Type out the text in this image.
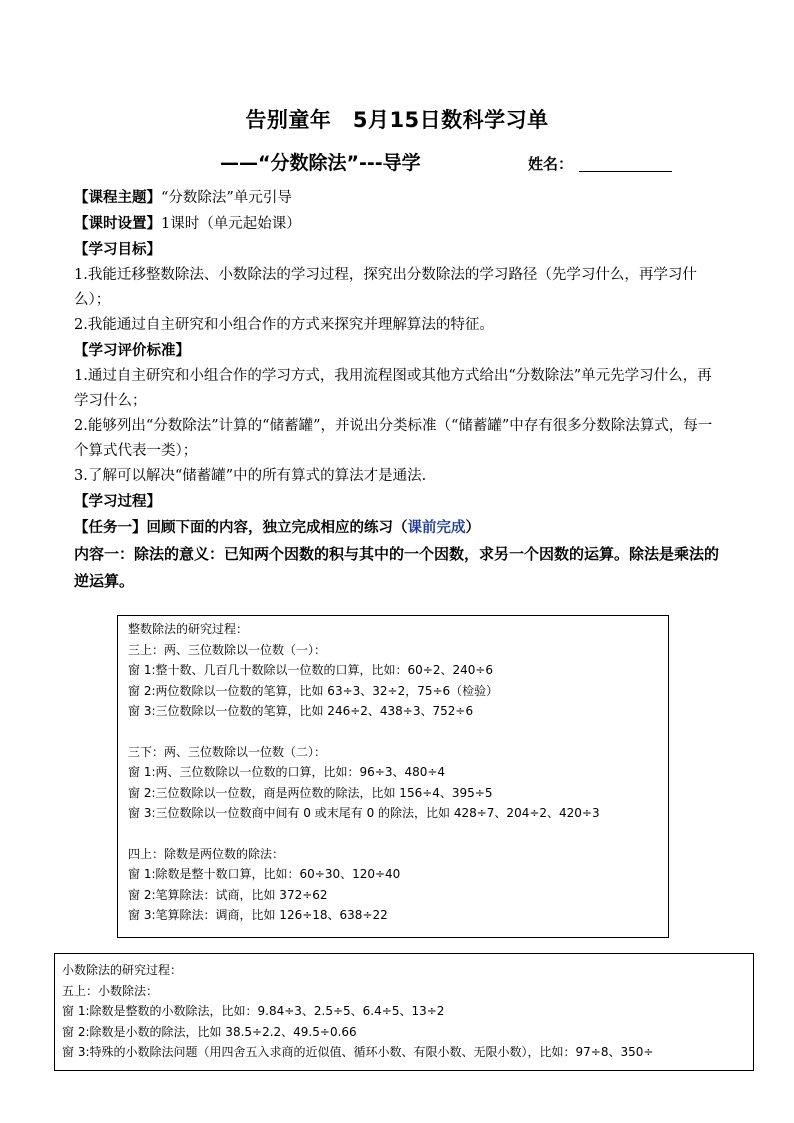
告别童年　5月15日数科学习单
——“分数除法”---导学	姓名：

【课程主题】“分数除法”单元引导

【课时设置】1课时（单元起始课）

【学习目标】

1.我能迁移整数除法、小数除法的学习过程，探究出分数除法的学习路径（先学习什么，再学习什么）；

2.我能通过自主研究和小组合作的方式来探究并理解算法的特征。

【学习评价标准】

1.通过自主研究和小组合作的学习方式，我用流程图或其他方式给出“分数除法”单元先学习什么，再学习什么；

2.能够列出“分数除法”计算的“储蓄罐”，并说出分类标准（“储蓄罐”中存有很多分数除法算式，每一个算式代表一类）；

3.了解可以解决“储蓄罐”中的所有算式的算法才是通法.

【学习过程】

【任务一】回顾下面的内容，独立完成相应的练习（课前完成）

内容一：除法的意义：已知两个因数的积与其中的一个因数，求另一个因数的运算。除法是乘法的逆运算。

整数除法的研究过程：

三上：两、三位数除以一位数（一）：

窗 1:整十数、几百几十数除以一位数的口算，比如：60÷2、240÷6

窗 2:两位数除以一位数的笔算，比如 63÷3、32÷2，75÷6（检验）

窗 3:三位数除以一位数的笔算，比如 246÷2、438÷3、752÷6

三下：两、三位数除以一位数（二）：

窗 1:两、三位数除以一位数的口算，比如：96÷3、480÷4

窗 2:三位数除以一位数，商是两位数的除法，比如 156÷4、395÷5

窗 3:三位数除以一位数商中间有 0 或末尾有 0 的除法，比如 428÷7、204÷2、420÷3

四上：除数是两位数的除法：

窗 1:除数是整十数口算，比如：60÷30、120÷40

窗 2:笔算除法：试商，比如 372÷62

窗 3:笔算除法：调商，比如 126÷18、638÷22

小数除法的研究过程：

五上：小数除法：

窗 1:除数是整数的小数除法，比如：9.84÷3、2.5÷5、6.4÷5、13÷2

窗 2:除数是小数的除法，比如 38.5÷2.2、49.5÷0.66

窗 3:特殊的小数除法问题（用四舍五入求商的近似值、循环小数、有限小数、无限小数），比如：97÷8、350÷
